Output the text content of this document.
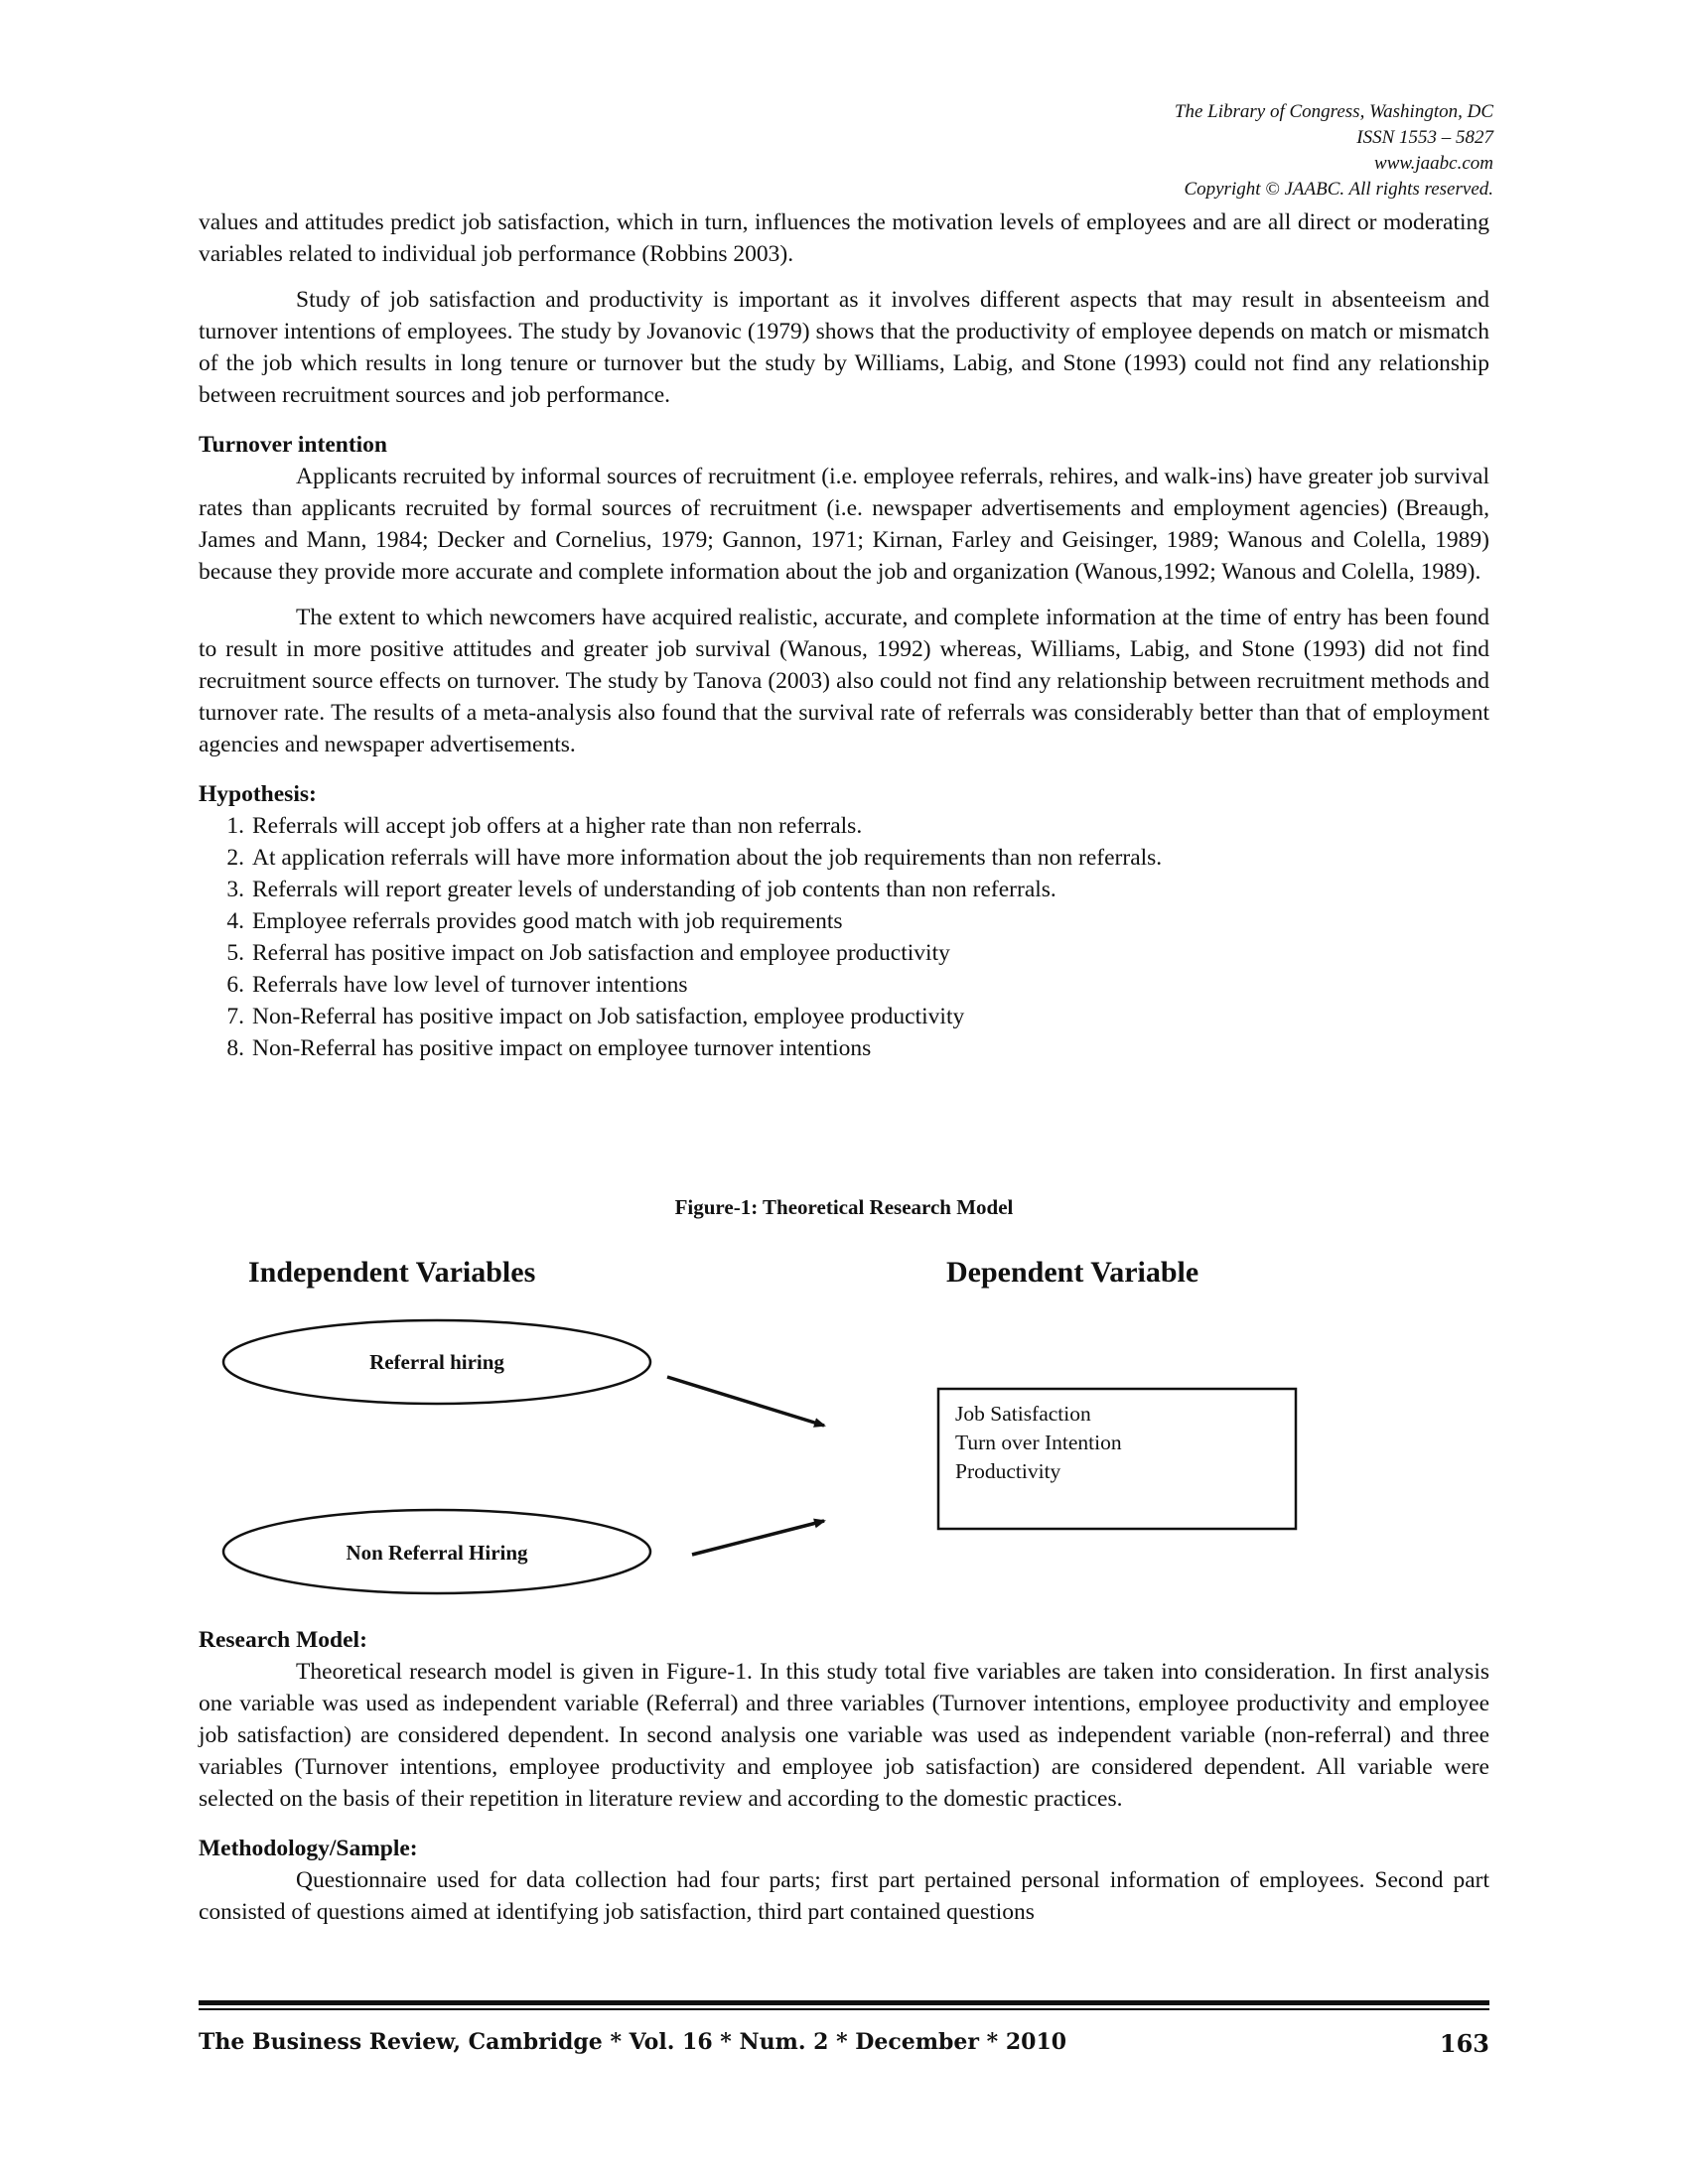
The Library of Congress, Washington, DC
ISSN 1553 – 5827
www.jaabc.com
Copyright © JAABC. All rights reserved.

values and attitudes predict job satisfaction, which in turn, influences the motivation levels of employees and are all direct or moderating variables related to individual job performance (Robbins 2003).

Study of job satisfaction and productivity is important as it involves different aspects that may result in absenteeism and turnover intentions of employees. The study by Jovanovic (1979) shows that the productivity of employee depends on match or mismatch of the job which results in long tenure or turnover but the study by Williams, Labig, and Stone (1993) could not find any relationship between recruitment sources and job performance.

Turnover intention

Applicants recruited by informal sources of recruitment (i.e. employee referrals, rehires, and walk-ins) have greater job survival rates than applicants recruited by formal sources of recruitment (i.e. newspaper advertisements and employment agencies) (Breaugh, James and Mann, 1984; Decker and Cornelius, 1979; Gannon, 1971; Kirnan, Farley and Geisinger, 1989; Wanous and Colella, 1989) because they provide more accurate and complete information about the job and organization (Wanous,1992; Wanous and Colella, 1989).

The extent to which newcomers have acquired realistic, accurate, and complete information at the time of entry has been found to result in more positive attitudes and greater job survival (Wanous, 1992) whereas, Williams, Labig, and Stone (1993) did not find recruitment source effects on turnover. The study by Tanova (2003) also could not find any relationship between recruitment methods and turnover rate. The results of a meta-analysis also found that the survival rate of referrals was considerably better than that of employment agencies and newspaper advertisements.

Hypothesis:
1. Referrals will accept job offers at a higher rate than non referrals.
2. At application referrals will have more information about the job requirements than non referrals.
3. Referrals will report greater levels of understanding of job contents than non referrals.
4. Employee referrals provides good match with job requirements
5. Referral has positive impact on Job satisfaction and employee productivity
6. Referrals have low level of turnover intentions
7. Non-Referral has positive impact on Job satisfaction, employee productivity
8. Non-Referral has positive impact on employee turnover intentions
Figure-1: Theoretical Research Model
Independent Variables	Dependent Variable
Referral hiring
Non Referral Hiring
Job Satisfaction
Turn over Intention
Productivity
Research Model:

Theoretical research model is given in Figure-1. In this study total five variables are taken into consideration. In first analysis one variable was used as independent variable (Referral) and three variables (Turnover intentions, employee productivity and employee job satisfaction) are considered dependent. In second analysis one variable was used as independent variable (non-referral) and three variables (Turnover intentions, employee productivity and employee job satisfaction) are considered dependent. All variable were selected on the basis of their repetition in literature review and according to the domestic practices.

Methodology/Sample:

Questionnaire used for data collection had four parts; first part pertained personal information of employees. Second part consisted of questions aimed at identifying job satisfaction, third part contained questions

The Business Review, Cambridge * Vol. 16 * Num. 2 * December * 2010	163
